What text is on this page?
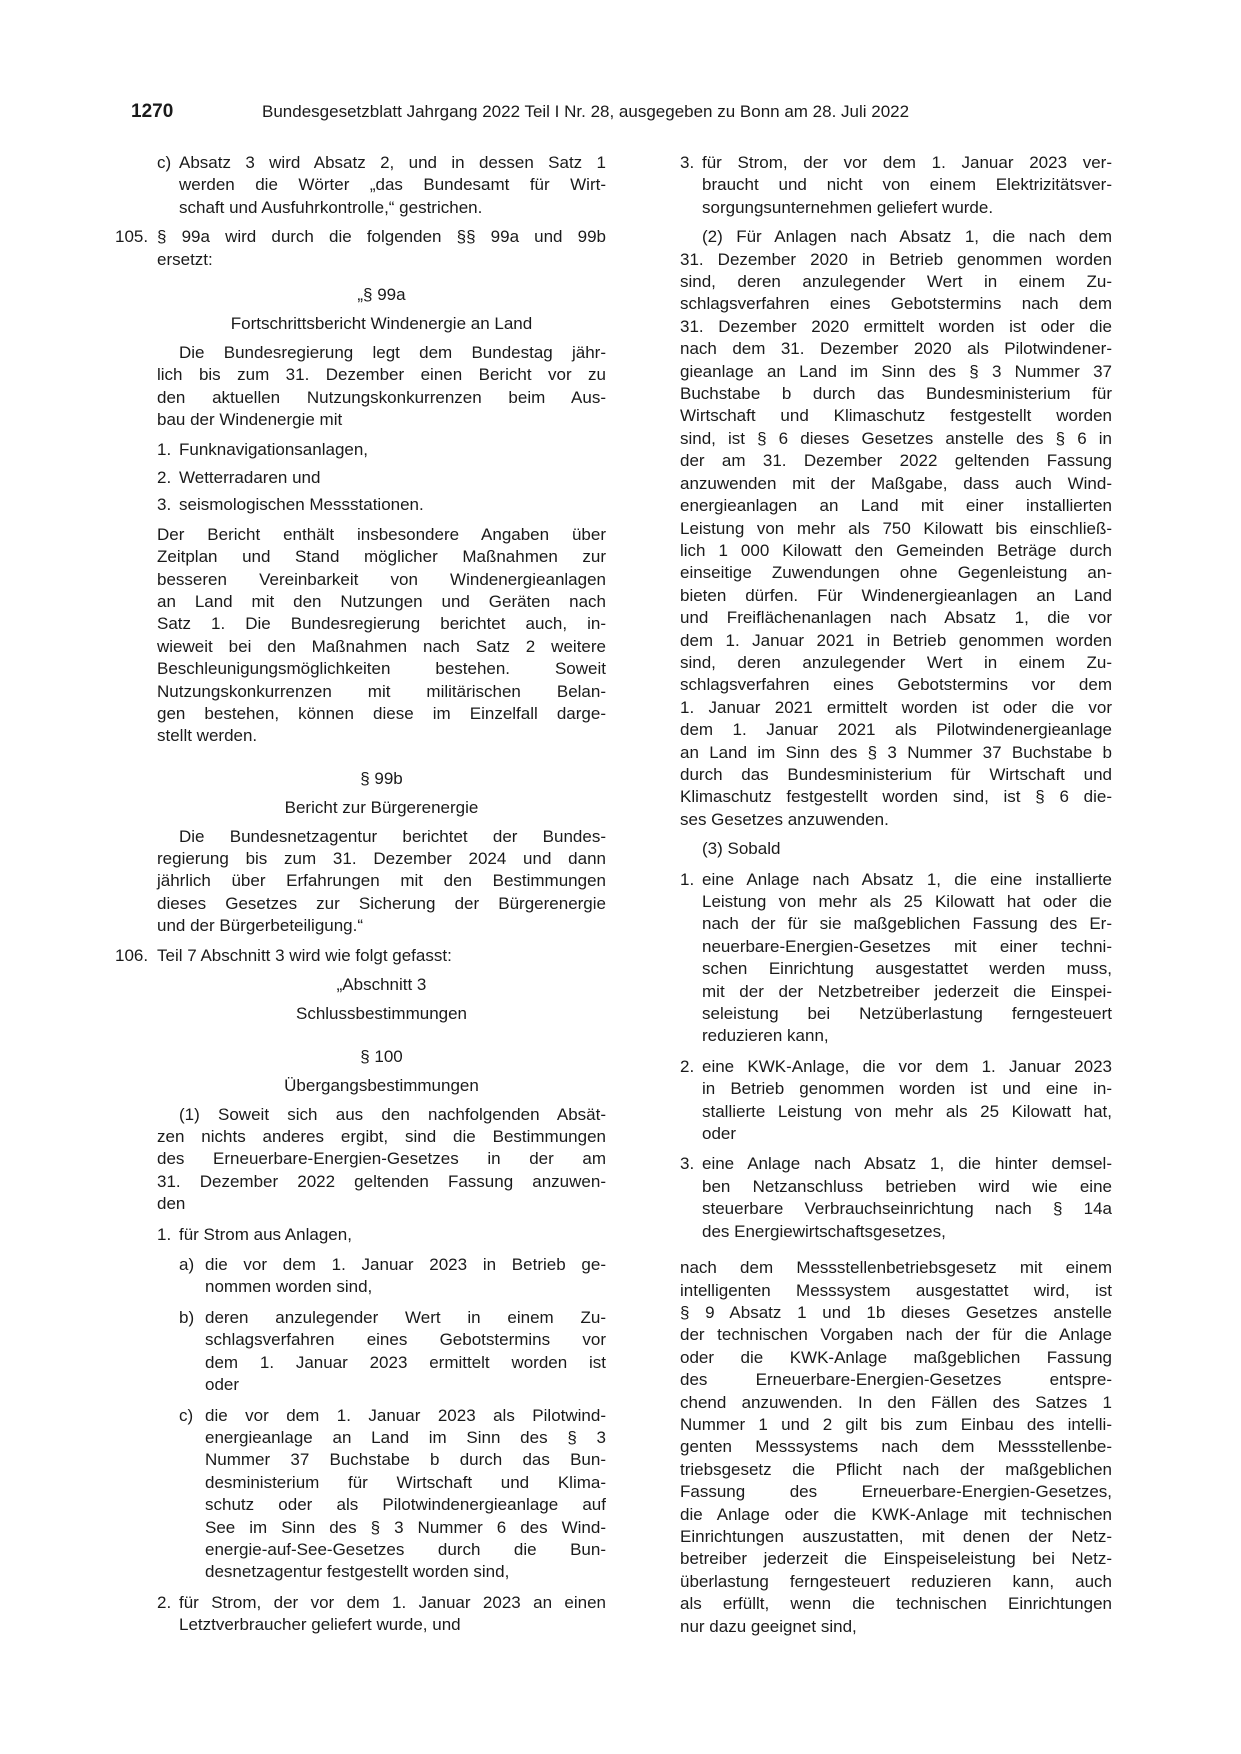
1270	Bundesgesetzblatt Jahrgang 2022 Teil I Nr. 28, ausgegeben zu Bonn am 28. Juli 2022
c) Absatz 3 wird Absatz 2, und in dessen Satz 1
werden die Wörter „das Bundesamt für Wirt-
schaft und Ausfuhrkontrolle,“ gestrichen.
105. § 99a wird durch die folgenden §§ 99a und 99b
ersetzt:

„§ 99a

Fortschrittsbericht Windenergie an Land

Die Bundesregierung legt dem Bundestag jähr-
lich bis zum 31. Dezember einen Bericht vor zu
den aktuellen Nutzungskonkurrenzen beim Aus-
bau der Windenergie mit
1. Funknavigationsanlagen,
2. Wetterradaren und
3. seismologischen Messstationen.
Der Bericht enthält insbesondere Angaben über
Zeitplan und Stand möglicher Maßnahmen zur
besseren Vereinbarkeit von Windenergieanlagen
an Land mit den Nutzungen und Geräten nach
Satz 1. Die Bundesregierung berichtet auch, in-
wieweit bei den Maßnahmen nach Satz 2 weitere
Beschleunigungsmöglichkeiten bestehen. Soweit
Nutzungskonkurrenzen mit militärischen Belan-
gen bestehen, können diese im Einzelfall darge-
stellt werden.

§ 99b

Bericht zur Bürgerenergie

Die Bundesnetzagentur berichtet der Bundes-
regierung bis zum 31. Dezember 2024 und dann
jährlich über Erfahrungen mit den Bestimmungen
dieses Gesetzes zur Sicherung der Bürgerenergie
und der Bürgerbeteiligung.“
106. Teil 7 Abschnitt 3 wird wie folgt gefasst:

„Abschnitt 3

Schlussbestimmungen

§ 100

Übergangsbestimmungen

(1) Soweit sich aus den nachfolgenden Absät-
zen nichts anderes ergibt, sind die Bestimmungen
des Erneuerbare-Energien-Gesetzes in der am
31. Dezember 2022 geltenden Fassung anzuwen-
den
1. für Strom aus Anlagen,
a) die vor dem 1. Januar 2023 in Betrieb ge-
nommen worden sind,
b) deren anzulegender Wert in einem Zu-
schlagsverfahren eines Gebotstermins vor
dem 1. Januar 2023 ermittelt worden ist
oder
c) die vor dem 1. Januar 2023 als Pilotwind-
energieanlage an Land im Sinn des § 3
Nummer 37 Buchstabe b durch das Bun-
desministerium für Wirtschaft und Klima-
schutz oder als Pilotwindenergieanlage auf
See im Sinn des § 3 Nummer 6 des Wind-
energie-auf-See-Gesetzes durch die Bun-
desnetzagentur festgestellt worden sind,
2. für Strom, der vor dem 1. Januar 2023 an einen
Letztverbraucher geliefert wurde, und
3. für Strom, der vor dem 1. Januar 2023 ver-
braucht und nicht von einem Elektrizitätsver-
sorgungsunternehmen geliefert wurde.
(2) Für Anlagen nach Absatz 1, die nach dem
31. Dezember 2020 in Betrieb genommen worden
sind, deren anzulegender Wert in einem Zu-
schlagsverfahren eines Gebotstermins nach dem
31. Dezember 2020 ermittelt worden ist oder die
nach dem 31. Dezember 2020 als Pilotwindener-
gieanlage an Land im Sinn des § 3 Nummer 37
Buchstabe b durch das Bundesministerium für
Wirtschaft und Klimaschutz festgestellt worden
sind, ist § 6 dieses Gesetzes anstelle des § 6 in
der am 31. Dezember 2022 geltenden Fassung
anzuwenden mit der Maßgabe, dass auch Wind-
energieanlagen an Land mit einer installierten
Leistung von mehr als 750 Kilowatt bis einschließ-
lich 1 000 Kilowatt den Gemeinden Beträge durch
einseitige Zuwendungen ohne Gegenleistung an-
bieten dürfen. Für Windenergieanlagen an Land
und Freiflächenanlagen nach Absatz 1, die vor
dem 1. Januar 2021 in Betrieb genommen worden
sind, deren anzulegender Wert in einem Zu-
schlagsverfahren eines Gebotstermins vor dem
1. Januar 2021 ermittelt worden ist oder die vor
dem 1. Januar 2021 als Pilotwindenergieanlage
an Land im Sinn des § 3 Nummer 37 Buchstabe b
durch das Bundesministerium für Wirtschaft und
Klimaschutz festgestellt worden sind, ist § 6 die-
ses Gesetzes anzuwenden.

(3) Sobald

1. eine Anlage nach Absatz 1, die eine installierte
Leistung von mehr als 25 Kilowatt hat oder die
nach der für sie maßgeblichen Fassung des Er-
neuerbare-Energien-Gesetzes mit einer techni-
schen Einrichtung ausgestattet werden muss,
mit der der Netzbetreiber jederzeit die Einspei-
seleistung bei Netzüberlastung ferngesteuert
reduzieren kann,
2. eine KWK-Anlage, die vor dem 1. Januar 2023
in Betrieb genommen worden ist und eine in-
stallierte Leistung von mehr als 25 Kilowatt hat,
oder
3. eine Anlage nach Absatz 1, die hinter demsel-
ben Netzanschluss betrieben wird wie eine
steuerbare Verbrauchseinrichtung nach § 14a
des Energiewirtschaftsgesetzes,
nach dem Messstellenbetriebsgesetz mit einem
intelligenten Messsystem ausgestattet wird, ist
§ 9 Absatz 1 und 1b dieses Gesetzes anstelle
der technischen Vorgaben nach der für die Anlage
oder die KWK-Anlage maßgeblichen Fassung
des Erneuerbare-Energien-Gesetzes entspre-
chend anzuwenden. In den Fällen des Satzes 1
Nummer 1 und 2 gilt bis zum Einbau des intelli-
genten Messsystems nach dem Messstellenbe-
triebsgesetz die Pflicht nach der maßgeblichen
Fassung des Erneuerbare-Energien-Gesetzes,
die Anlage oder die KWK-Anlage mit technischen
Einrichtungen auszustatten, mit denen der Netz-
betreiber jederzeit die Einspeiseleistung bei Netz-
überlastung ferngesteuert reduzieren kann, auch
als erfüllt, wenn die technischen Einrichtungen
nur dazu geeignet sind,
